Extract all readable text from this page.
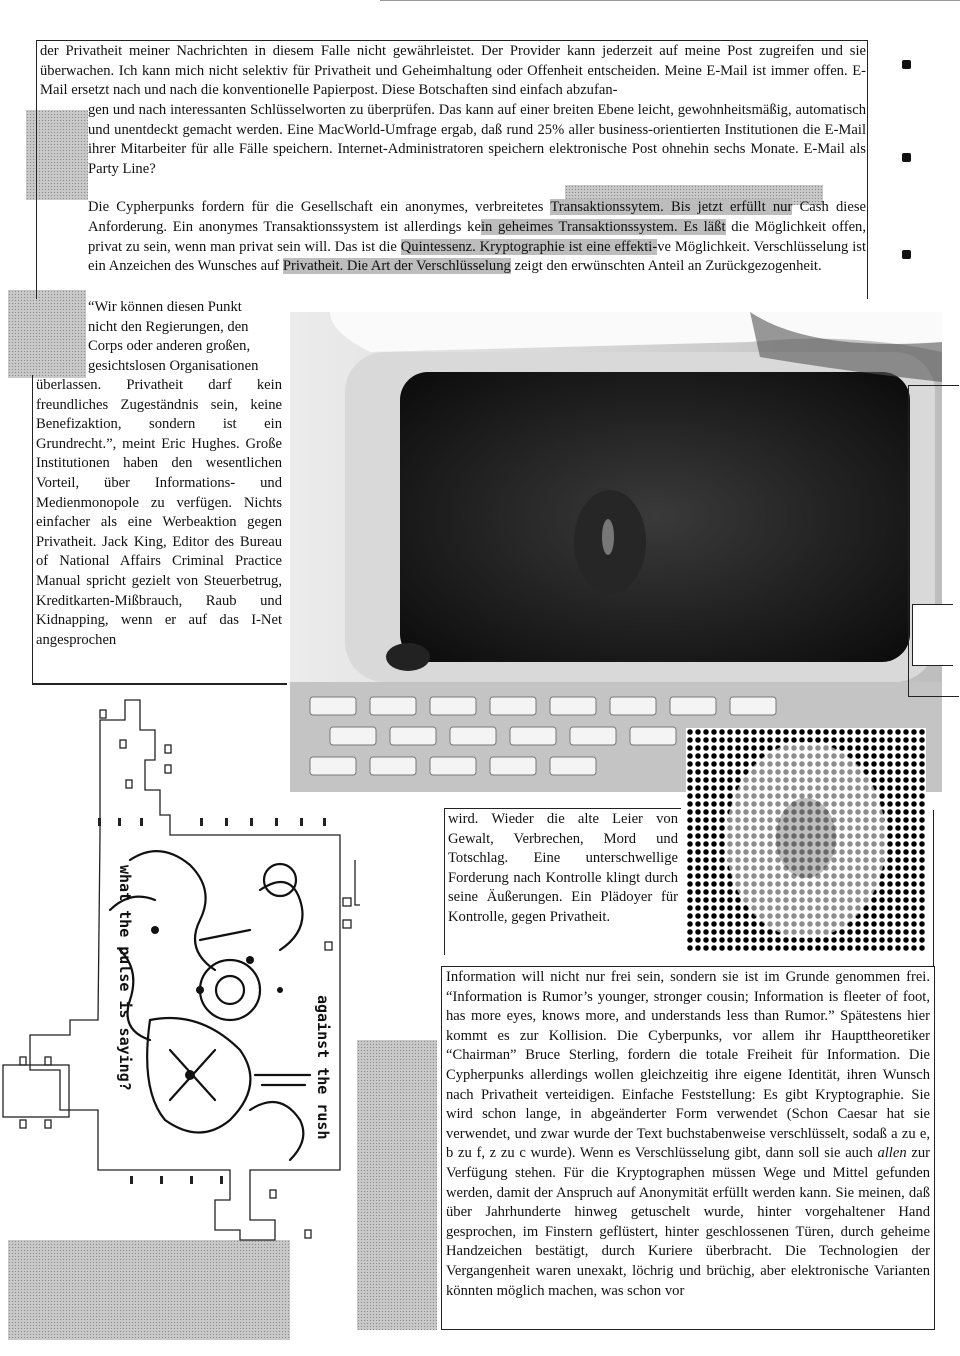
der Privatheit meiner Nachrichten in diesem Falle nicht gewährleistet. Der Provider kann jederzeit auf meine Post zugreifen und sie überwachen. Ich kann mich nicht selektiv für Privatheit und Geheimhaltung oder Offenheit entscheiden. Meine E-Mail ist immer offen. E-Mail ersetzt nach und nach die konventionelle Papierpost. Diese Botschaften sind einfach abzufan-

gen und nach interessanten Schlüsselworten zu überprüfen. Das kann auf einer breiten Ebene leicht, gewohnheitsmäßig, automatisch und unentdeckt gemacht werden. Eine MacWorld-Umfrage ergab, daß rund 25% aller business-orientierten Institutionen die E-Mail ihrer Mitarbeiter für alle Fälle speichern. Internet-Administratoren speichern elektronische Post ohnehin sechs Monate. E-Mail als Party Line?

Die Cypherpunks fordern für die Gesellschaft ein anonymes, verbreitetes Transaktionssytem. Bis jetzt erfüllt nur Cash diese Anforderung. Ein anonymes Transaktionssystem ist allerdings kein geheimes Transaktionssystem. Es läßt die Möglichkeit offen, privat zu sein, wenn man privat sein will. Das ist die Quintessenz. Kryptographie ist eine effekti-ve Möglichkeit. Verschlüsselung ist ein Anzeichen des Wunsches auf Privatheit. Die Art der Verschlüsselung zeigt den erwünschten Anteil an Zurückgezogenheit.

“Wir können diesen Punkt

nicht den Regierungen, den

Corps oder anderen großen,

gesichtslosen Organisationen

überlassen. Privatheit darf kein freundliches Zugeständnis sein, keine Benefizaktion, sondern ist ein Grundrecht.”, meint Eric Hughes. Große Institutionen haben den wesentlichen Vorteil, über Informations- und Medienmonopole zu verfügen. Nichts einfacher als eine Werbeaktion gegen Privatheit. Jack King, Editor des Bureau of National Affairs Criminal Practice Manual spricht gezielt von Steuerbetrug, Kreditkarten-Mißbrauch, Raub und Kidnapping, wenn er auf das I-Net angesprochen

wird. Wieder die alte Leier von Gewalt, Verbrechen, Mord und Totschlag. Eine unterschwellige Forderung nach Kontrolle klingt durch seine Äußerungen. Ein Plädoyer für Kontrolle, gegen Privatheit.

Information will nicht nur frei sein, sondern sie ist im Grunde genommen frei. “Information is Rumor’s younger, stronger cousin; Information is fleeter of foot, has more eyes, knows more, and understands less than Rumor.” Spätestens hier kommt es zur Kollision. Die Cyberpunks, vor allem ihr Haupttheoretiker “Chairman” Bruce Sterling, fordern die totale Freiheit für Information. Die Cypherpunks allerdings wollen gleichzeitig ihre eigene Identität, ihren Wunsch nach Privatheit verteidigen. Einfache Feststellung: Es gibt Kryptographie. Sie wird schon lange, in abgeänderter Form verwendet (Schon Caesar hat sie verwendet, und zwar wurde der Text buchstabenweise verschlüsselt, sodaß a zu e, b zu f, z zu c wurde). Wenn es Verschlüsselung gibt, dann soll sie auch allen zur Verfügung stehen. Für die Kryptographen müssen Wege und Mittel gefunden werden, damit der Anspruch auf Anonymität erfüllt werden kann. Sie meinen, daß über Jahrhunderte hinweg getuschelt wurde, hinter vorgehaltener Hand gesprochen, im Finstern geflüstert, hinter geschlossenen Türen, durch geheime Handzeichen bestätigt, durch Kuriere überbracht. Die Technologien der Vergangenheit waren unexakt, löchrig und brüchig, aber elektronische Varianten könnten möglich machen, was schon vor

what the pulse is saying?	against the rush
